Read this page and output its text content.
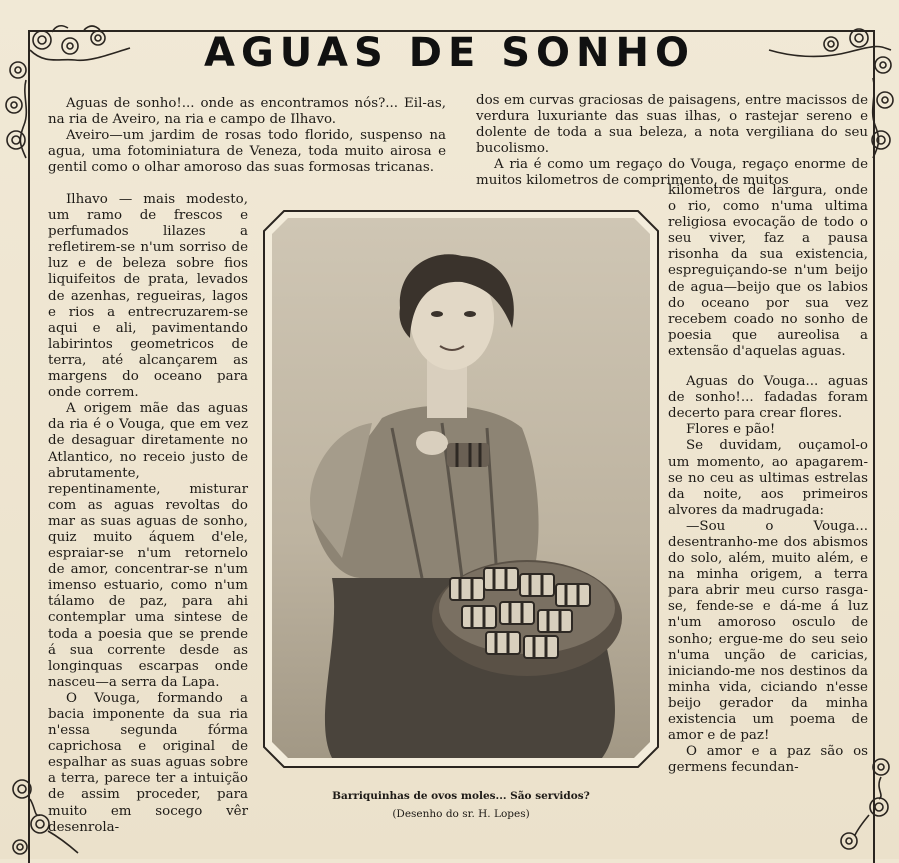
AGUAS DE SONHO

Aguas de sonho!... onde as encontramos nós?... Eil-as, na ria de Aveiro, na ria e campo de Ilhavo.

Aveiro—um jardim de rosas todo florido, suspenso na agua, uma fotominiatura de Veneza, toda muito airosa e gentil como o olhar amoroso das suas formosas tricanas.

Ilhavo — mais modesto, um ramo de frescos e perfumados lilazes a refletirem-se n'um sorriso de luz e de beleza sobre fios liquifeitos de prata, levados de azenhas, regueiras, lagos e rios a entrecruzarem-se aqui e ali, pavimentando labirintos geometricos de terra, até alcançarem as margens do oceano para onde correm.

A origem mãe das aguas da ria é o Vouga, que em vez de desaguar diretamente no Atlantico, no receio justo de abrutamente, repentinamente, misturar com as aguas revoltas do mar as suas aguas de sonho, quiz muito áquem d'ele, espraiar-se n'um retornelo de amor, concentrar-se n'um imenso estuario, como n'um tálamo de paz, para ahi contemplar uma sintese de toda a poesia que se prende á sua corrente desde as longinquas escarpas onde nasceu—a serra da Lapa.

O Vouga, formando a bacia imponente da sua ria n'essa segunda fórma caprichosa e original de espalhar as suas aguas sobre a terra, parece ter a intuição de assim proceder, para muito em socego vêr desenrola-

dos em curvas graciosas de paisagens, entre macissos de verdura luxuriante das suas ilhas, o rastejar sereno e dolente de toda a sua beleza, a nota vergiliana do seu bucolismo.

A ria é como um regaço do Vouga, regaço enorme de muitos kilometros de comprimento, de muitos

kilometros de largura, onde o rio, como n'uma ultima religiosa evocação de todo o seu viver, faz a pausa risonha da sua existencia, espreguiçando-se n'um beijo de agua—beijo que os labios do oceano por sua vez recebem coado no sonho de poesia que aureolisa a extensão d'aquelas aguas.

Aguas do Vouga... aguas de sonho!... fadadas foram decerto para crear flores.

Flores e pão!

Se duvidam, ouçamol-o um momento, ao apagarem-se no ceu as ultimas estrelas da noite, aos primeiros alvores da madrugada:

—Sou o Vouga... desentranho-me dos abismos do solo, além, muito além, e na minha origem, a terra para abrir meu curso rasga-se, fende-se e dá-me á luz n'um amoroso osculo de sonho; ergue-me do seu seio n'uma unção de caricias, iniciando-me nos destinos da minha vida, ciciando n'esse beijo gerador da minha existencia um poema de amor e de paz!

O amor e a paz são os germens fecundan-

Barriquinhas de ovos moles... São servidos?
(Desenho do sr. H. Lopes)
